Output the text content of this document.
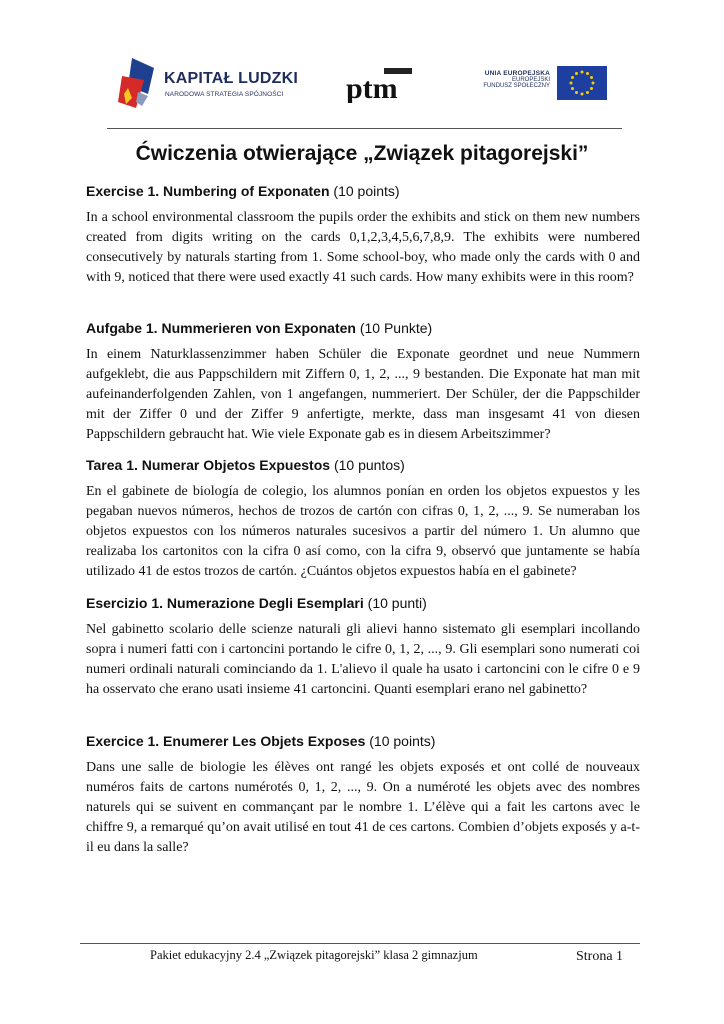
KAPITAŁ LUDZKI
NARODOWA STRATEGIA SPÓJNOŚCI ptm	UNIA EUROPEJSKA
EUROPEJSKI
FUNDUSZ SPOŁECZNY
Ćwiczenia otwierające „Związek pitagorejski”

Exercise 1. Numbering of Exponaten (10 points)

In a school environmental classroom the pupils order the exhibits and stick on them new numbers created from digits writing on the cards 0,1,2,3,4,5,6,7,8,9. The exhibits were numbered consecutively by naturals starting from 1. Some school-boy, who made only the cards with 0 and with 9, noticed that there were used exactly 41 such cards. How many exhibits were in this room?

Aufgabe 1. Nummerieren von Exponaten (10 Punkte)

In einem Naturklassenzimmer haben Schüler die Exponate geordnet und neue Nummern aufgeklebt, die aus Pappschildern mit Ziffern 0, 1, 2, ..., 9 bestanden. Die Exponate hat man mit aufeinanderfolgenden Zahlen, von 1 angefangen, nummeriert. Der Schüler, der die Pappschilder mit der Ziffer 0 und der Ziffer 9 anfertigte, merkte, dass man insgesamt 41 von diesen Pappschildern gebraucht hat. Wie viele Exponate gab es in diesem Arbeitszimmer?

Tarea 1. Numerar Objetos Expuestos (10 puntos)

En el gabinete de biología de colegio, los alumnos ponían en orden los objetos expuestos y les pegaban nuevos números, hechos de trozos de cartón con cifras 0, 1, 2, ..., 9. Se numeraban los objetos expuestos con los números naturales sucesivos a partir del número 1. Un alumno que realizaba los cartonitos con la cifra 0 así como, con la cifra 9, observó que juntamente se había utilizado 41 de estos trozos de cartón. ¿Cuántos objetos expuestos había en el gabinete?

Esercizio 1. Numerazione Degli Esemplari (10 punti)

Nel gabinetto scolario delle scienze naturali gli alievi hanno sistemato gli esemplari incollando sopra i numeri fatti con i cartoncini portando le cifre 0, 1, 2, ..., 9. Gli esemplari sono numerati coi numeri ordinali naturali cominciando da 1. L'alievo il quale ha usato i cartoncini con le cifre 0 e 9 ha osservato che erano usati insieme 41 cartoncini. Quanti esemplari erano nel gabinetto?

Exercice 1. Enumerer Les Objets Exposes (10 points)

Dans une salle de biologie les élèves ont rangé les objets exposés et ont collé de nouveaux numéros faits de cartons numérotés 0, 1, 2, ..., 9. On a numéroté les objets avec des nombres naturels qui se suivent en commançant par le nombre 1. L’élève qui a fait les cartons avec le chiffre 9, a remarqué qu’on avait utilisé en tout 41 de ces cartons. Combien d’objets exposés y a-t-il eu dans la salle?

Pakiet edukacyjny 2.4 „Związek pitagorejski” klasa 2 gimnazjum	Strona 1
